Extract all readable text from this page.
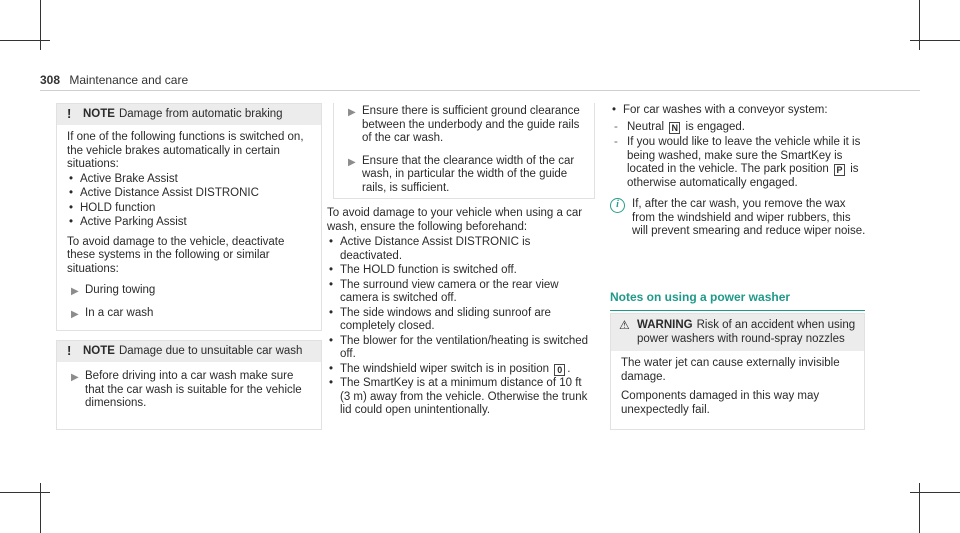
308 Maintenance and care
!	NOTE Damage from automatic braking
If one of the following functions is switched on, the vehicle brakes automatically in certain situations:
• Active Brake Assist
• Active Distance Assist DISTRONIC
• HOLD function
• Active Parking Assist
To avoid damage to the vehicle, deactivate these systems in the following or similar situations:
▶ During towing
▶ In a car wash
!	NOTE Damage due to unsuitable car wash
▶ Before driving into a car wash make sure that the car wash is suitable for the vehicle dimensions.
▶ Ensure there is sufficient ground clearance between the underbody and the guide rails of the car wash.
▶ Ensure that the clearance width of the car wash, in particular the width of the guide rails, is sufficient.
To avoid damage to your vehicle when using a car wash, ensure the following beforehand:
• Active Distance Assist DISTRONIC is deactivated.
• The HOLD function is switched off.
• The surround view camera or the rear view camera is switched off.
• The side windows and sliding sunroof are completely closed.
• The blower for the ventilation/heating is switched off.
• The windshield wiper switch is in position 0 .
• The SmartKey is at a minimum distance of 10 ft (3 m) away from the vehicle. Otherwise the trunk lid could open unintentionally.
• For car washes with a conveyor system:
- Neutral N is engaged.
- If you would like to leave the vehicle while it is being washed, make sure the SmartKey is located in the vehicle. The park position P is otherwise automatically engaged.
i	If, after the car wash, you remove the wax from the windshield and wiper rubbers, this will prevent smearing and reduce wiper noise.
Notes on using a power washer
⚠ WARNING Risk of an accident when using power washers with round-spray nozzles
The water jet can cause externally invisible damage.
Components damaged in this way may unexpectedly fail.
